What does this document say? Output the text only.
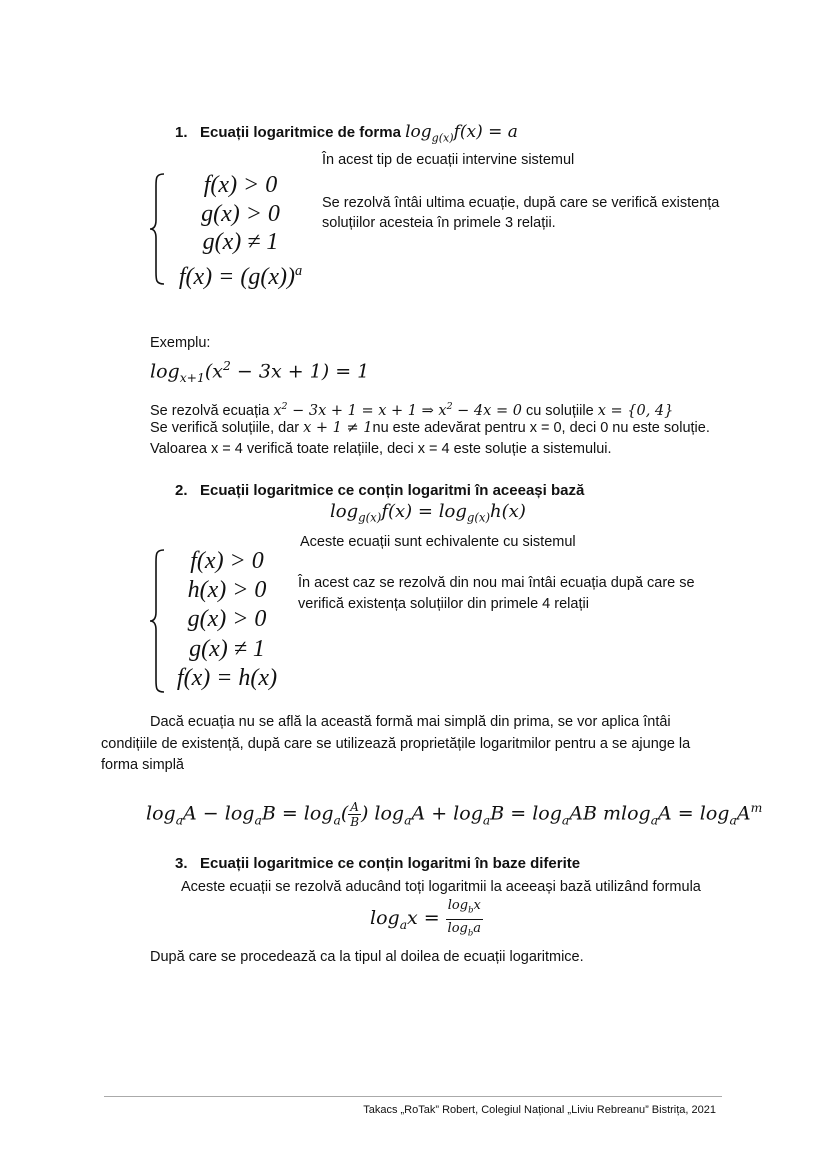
1. Ecuații logaritmice de forma $\log_{g(x)}f(x) = a$
În acest tip de ecuații intervine sistemul
f(x) > 0
g(x) > 0
g(x) ≠ 1
$f(x) = (g(x))^a$
Se rezolvă întâi ultima ecuație, după care se verifică existența
soluțiilor acesteia în primele 3 relații.
Exemplu:
$\log_{x+1}(x^2 - 3x + 1) = 1$
Se rezolvă ecuația $x^2 - 3x + 1 = x + 1$ ⇒ $x^2 - 4x = 0$ cu soluțiile x = {0, 4}
Se verifică soluțiile, dar x + 1 ≠ 1nu este adevărat pentru x = 0, deci 0 nu este soluție.
Valoarea x = 4 verifică toate relațiile, deci x = 4 este soluție a sistemului.
2. Ecuații logaritmice ce conțin logaritmi în aceeași bază
$\log_{g(x)}f(x) = \log_{g(x)}h(x)$
Aceste ecuații sunt echivalente cu sistemul
f(x) > 0
h(x) > 0
g(x) > 0
g(x) ≠ 1
f(x) = h(x)
În acest caz se rezolvă din nou mai întâi ecuația după care se
verifică existența soluțiilor din primele 4 relații
Dacă ecuația nu se află la această formă mai simplă din prima, se vor aplica întâi
condițiile de existență, după care se utilizează proprietățile logaritmilor pentru a se ajunge la
forma simplă
$\log_aA - \log_aB = \log_a( \frac{A}{B}$ ) $\log_aA + \log_aB = \log_aAB$ $mlog_aA = \log_aA^m$
3. Ecuații logaritmice ce conțin logaritmi în baze diferite
Aceste ecuații se rezolvă aducând toți logaritmii la aceeași bază utilizând formula
$\log_ax = \frac{\log_bx}{\log_ba}$
După care se procedează ca la tipul al doilea de ecuații logaritmice.
Takacs „RoTak” Robert, Colegiul Național „Liviu Rebreanu” Bistrița, 2021
